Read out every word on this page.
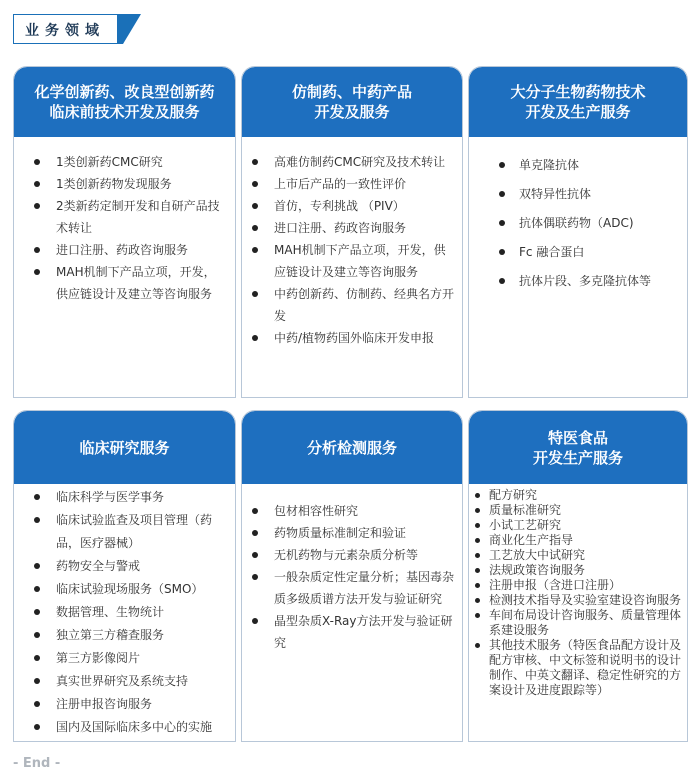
业务领域
化学创新药、改良型创新药
临床前技术开发及服务
1类创新药CMC研究
1类创新药物发现服务
2类新药定制开发和自研产品技术转让
进口注册、药政咨询服务
MAH机制下产品立项，开发，供应链设计及建立等咨询服务
仿制药、中药产品
开发及服务
高难仿制药CMC研究及技术转让
上市后产品的一致性评价
首仿，专利挑战 （PIV）
进口注册、药政咨询服务
MAH机制下产品立项，开发，供应链设计及建立等咨询服务
中药创新药、仿制药、经典名方开发
中药/植物药国外临床开发申报
大分子生物药物技术
开发及生产服务
单克隆抗体
双特异性抗体
抗体偶联药物（ADC)
Fc 融合蛋白
抗体片段、多克隆抗体等
临床研究服务
临床科学与医学事务
临床试验监查及项目管理（药品，医疗器械）
药物安全与警戒
临床试验现场服务（SMO）
数据管理、生物统计
独立第三方稽查服务
第三方影像阅片
真实世界研究及系统支持
注册申报咨询服务
国内及国际临床多中心的实施
分析检测服务
包材相容性研究
药物质量标准制定和验证
无机药物与元素杂质分析等
一般杂质定性定量分析；基因毒杂质多级质谱方法开发与验证研究
晶型杂质X-Ray方法开发与验证研究
特医食品
开发生产服务
配方研究
质量标准研究
小试工艺研究
商业化生产指导
工艺放大中试研究
法规政策咨询服务
注册申报（含进口注册）
检测技术指导及实验室建设咨询服务
车间布局设计咨询服务、质量管理体系建设服务
其他技术服务（特医食品配方设计及配方审核、中文标签和说明书的设计制作、中英文翻译、稳定性研究的方案设计及进度跟踪等）
- End -
